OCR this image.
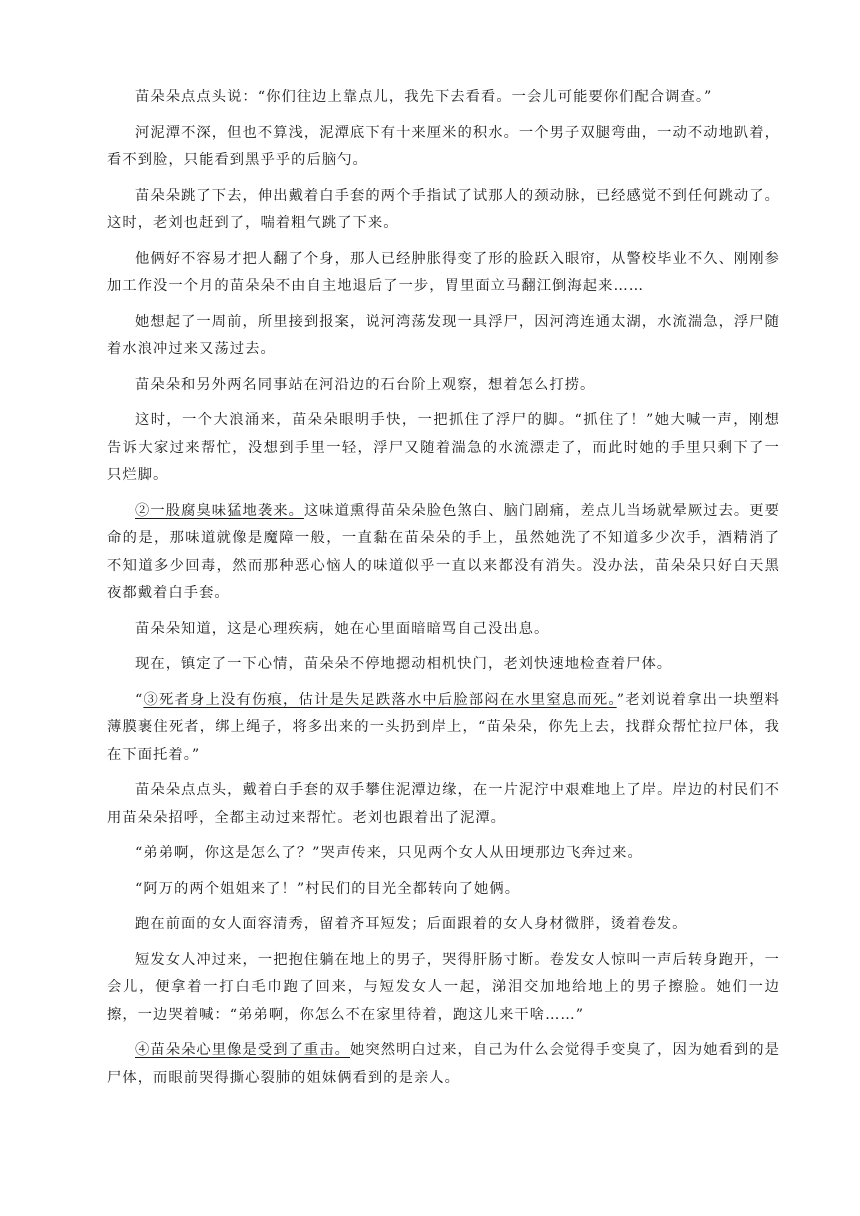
苗朵朵点点头说：“你们往边上靠点儿，我先下去看看。一会儿可能要你们配合调查。”

河泥潭不深，但也不算浅，泥潭底下有十来厘米的积水。一个男子双腿弯曲，一动不动地趴着，看不到脸，只能看到黑乎乎的后脑勺。

苗朵朵跳了下去，伸出戴着白手套的两个手指试了试那人的颈动脉，已经感觉不到任何跳动了。这时，老刘也赶到了，喘着粗气跳了下来。

他俩好不容易才把人翻了个身，那人已经肿胀得变了形的脸跃入眼帘，从警校毕业不久、刚刚参加工作没一个月的苗朵朵不由自主地退后了一步，胃里面立马翻江倒海起来……

她想起了一周前，所里接到报案，说河湾荡发现一具浮尸，因河湾连通太湖，水流湍急，浮尸随着水浪冲过来又荡过去。

苗朵朵和另外两名同事站在河沿边的石台阶上观察，想着怎么打捞。

这时，一个大浪涌来，苗朵朵眼明手快，一把抓住了浮尸的脚。“抓住了！”她大喊一声，刚想告诉大家过来帮忙，没想到手里一轻，浮尸又随着湍急的水流漂走了，而此时她的手里只剩下了一只烂脚。

②一股腐臭味猛地袭来。这味道熏得苗朵朵脸色煞白、脑门剧痛，差点儿当场就晕厥过去。更要命的是，那味道就像是魔障一般，一直黏在苗朵朵的手上，虽然她洗了不知道多少次手，酒精消了不知道多少回毒，然而那种恶心恼人的味道似乎一直以来都没有消失。没办法，苗朵朵只好白天黑夜都戴着白手套。

苗朵朵知道，这是心理疾病，她在心里面暗暗骂自己没出息。

现在，镇定了一下心情，苗朵朵不停地摁动相机快门，老刘快速地检查着尸体。

“③死者身上没有伤痕，估计是失足跌落水中后脸部闷在水里窒息而死。”老刘说着拿出一块塑料薄膜裹住死者，绑上绳子，将多出来的一头扔到岸上，“苗朵朵，你先上去，找群众帮忙拉尸体，我在下面托着。”

苗朵朵点点头，戴着白手套的双手攀住泥潭边缘，在一片泥泞中艰难地上了岸。岸边的村民们不用苗朵朵招呼，全都主动过来帮忙。老刘也跟着出了泥潭。

“弟弟啊，你这是怎么了？”哭声传来，只见两个女人从田埂那边飞奔过来。

“阿万的两个姐姐来了！”村民们的目光全都转向了她俩。

跑在前面的女人面容清秀，留着齐耳短发；后面跟着的女人身材微胖，烫着卷发。

短发女人冲过来，一把抱住躺在地上的男子，哭得肝肠寸断。卷发女人惊叫一声后转身跑开，一会儿，便拿着一打白毛巾跑了回来，与短发女人一起，涕泪交加地给地上的男子擦脸。她们一边擦，一边哭着喊：“弟弟啊，你怎么不在家里待着，跑这儿来干啥……”

④苗朵朵心里像是受到了重击。她突然明白过来，自己为什么会觉得手变臭了，因为她看到的是尸体，而眼前哭得撕心裂肺的姐妹俩看到的是亲人。
